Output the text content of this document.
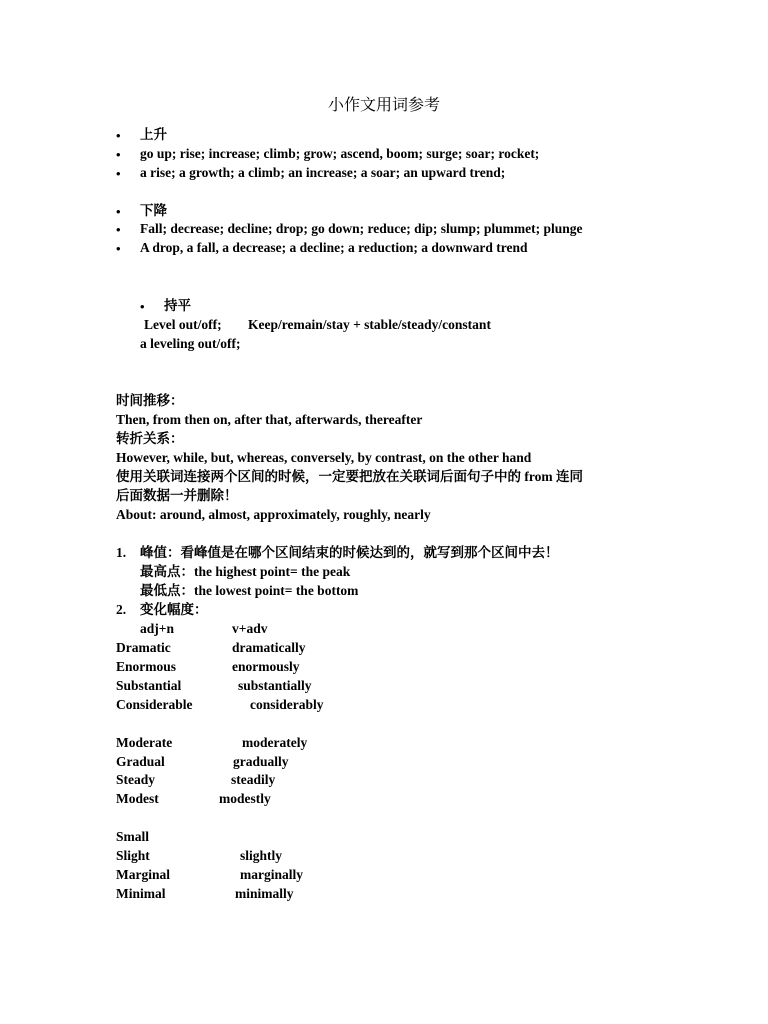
小作文用词参考
• 上升
• go up; rise; increase; climb; grow; ascend, boom; surge; soar; rocket;
• a rise; a growth; a climb; an increase; a soar; an upward trend;
• 下降
• Fall; decrease; decline; drop; go down; reduce; dip; slump; plummet; plunge
• A drop, a fall, a decrease; a decline; a reduction; a downward trend
• 持平
Level out/off; Keep/remain/stay + stable/steady/constant
a leveling out/off;
时间推移：
Then, from then on, after that, afterwards, thereafter
转折关系：
However, while, but, whereas, conversely, by contrast, on the other hand
使用关联词连接两个区间的时候，一定要把放在关联词后面句子中的 from 连同
后面数据一并删除！
About: around, almost, approximately, roughly, nearly
1. 峰值：看峰值是在哪个区间结束的时候达到的，就写到那个区间中去！
最高点：the highest point= the peak
最低点：the lowest point= the bottom
2. 变化幅度：
adj+n	v+adv
Dramatic	dramatically
Enormous	enormously
Substantial	substantially
Considerable	considerably
Moderate	moderately
Gradual	gradually
Steady	steadily
Modest	modestly
Small
Slight	slightly
Marginal	marginally
Minimal	minimally
